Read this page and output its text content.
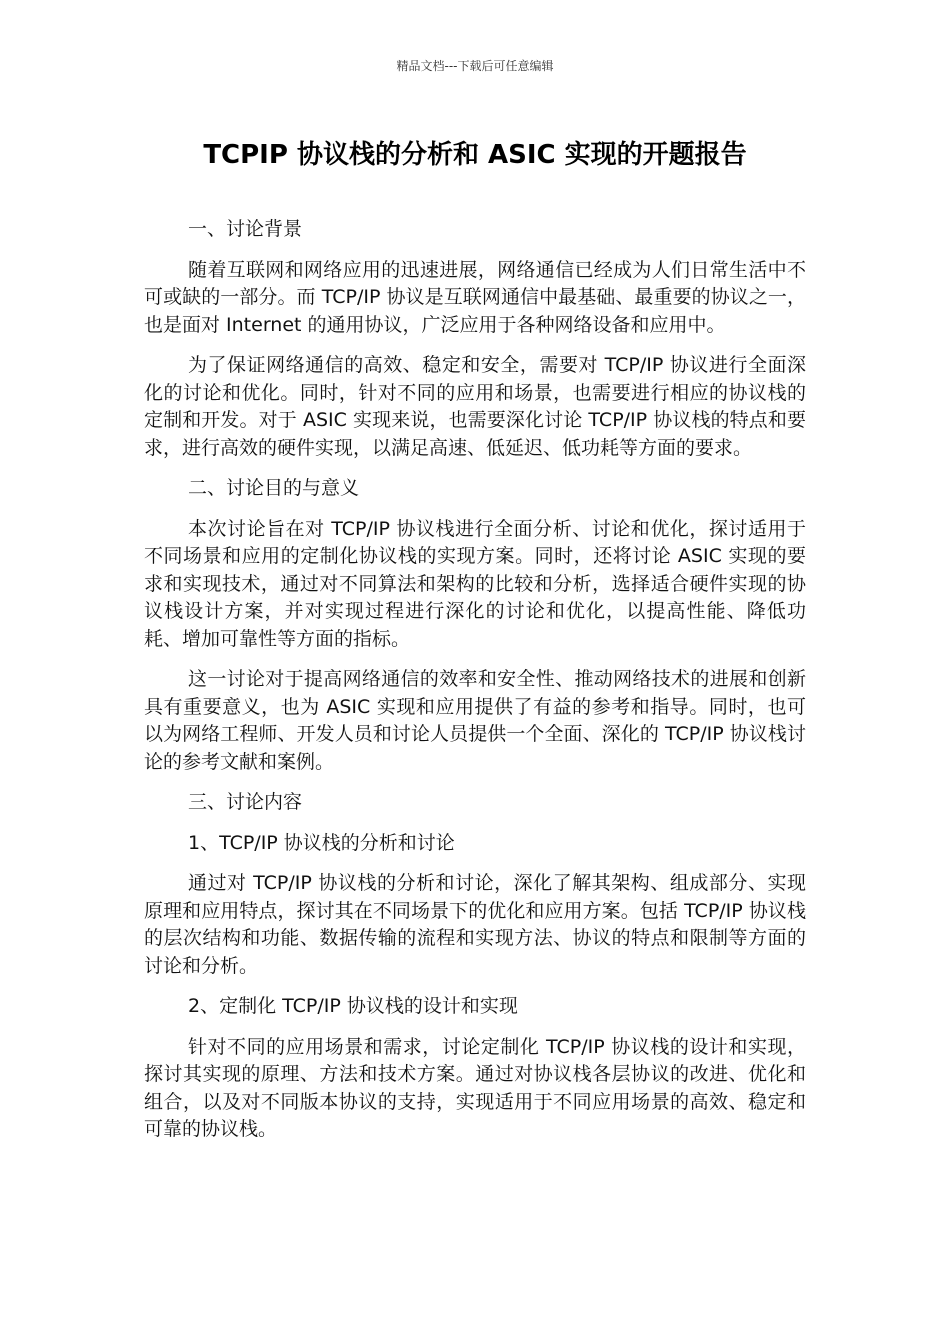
精品文档---下载后可任意编辑
TCPIP 协议栈的分析和 ASIC 实现的开题报告

一、讨论背景

随着互联网和网络应用的迅速进展，网络通信已经成为人们日常生活中不可或缺的一部分。而 TCP/IP 协议是互联网通信中最基础、最重要的协议之一，也是面对 Internet 的通用协议，广泛应用于各种网络设备和应用中。

为了保证网络通信的高效、稳定和安全，需要对 TCP/IP 协议进行全面深化的讨论和优化。同时，针对不同的应用和场景，也需要进行相应的协议栈的定制和开发。对于 ASIC 实现来说，也需要深化讨论 TCP/IP 协议栈的特点和要求，进行高效的硬件实现，以满足高速、低延迟、低功耗等方面的要求。

二、讨论目的与意义

本次讨论旨在对 TCP/IP 协议栈进行全面分析、讨论和优化，探讨适用于不同场景和应用的定制化协议栈的实现方案。同时，还将讨论 ASIC 实现的要求和实现技术，通过对不同算法和架构的比较和分析，选择适合硬件实现的协议栈设计方案，并对实现过程进行深化的讨论和优化，以提高性能、降低功耗、增加可靠性等方面的指标。

这一讨论对于提高网络通信的效率和安全性、推动网络技术的进展和创新具有重要意义，也为 ASIC 实现和应用提供了有益的参考和指导。同时，也可以为网络工程师、开发人员和讨论人员提供一个全面、深化的 TCP/IP 协议栈讨论的参考文献和案例。

三、讨论内容

1、TCP/IP 协议栈的分析和讨论

通过对 TCP/IP 协议栈的分析和讨论，深化了解其架构、组成部分、实现原理和应用特点，探讨其在不同场景下的优化和应用方案。包括 TCP/IP 协议栈的层次结构和功能、数据传输的流程和实现方法、协议的特点和限制等方面的讨论和分析。

2、定制化 TCP/IP 协议栈的设计和实现

针对不同的应用场景和需求，讨论定制化 TCP/IP 协议栈的设计和实现，探讨其实现的原理、方法和技术方案。通过对协议栈各层协议的改进、优化和组合，以及对不同版本协议的支持，实现适用于不同应用场景的高效、稳定和可靠的协议栈。
